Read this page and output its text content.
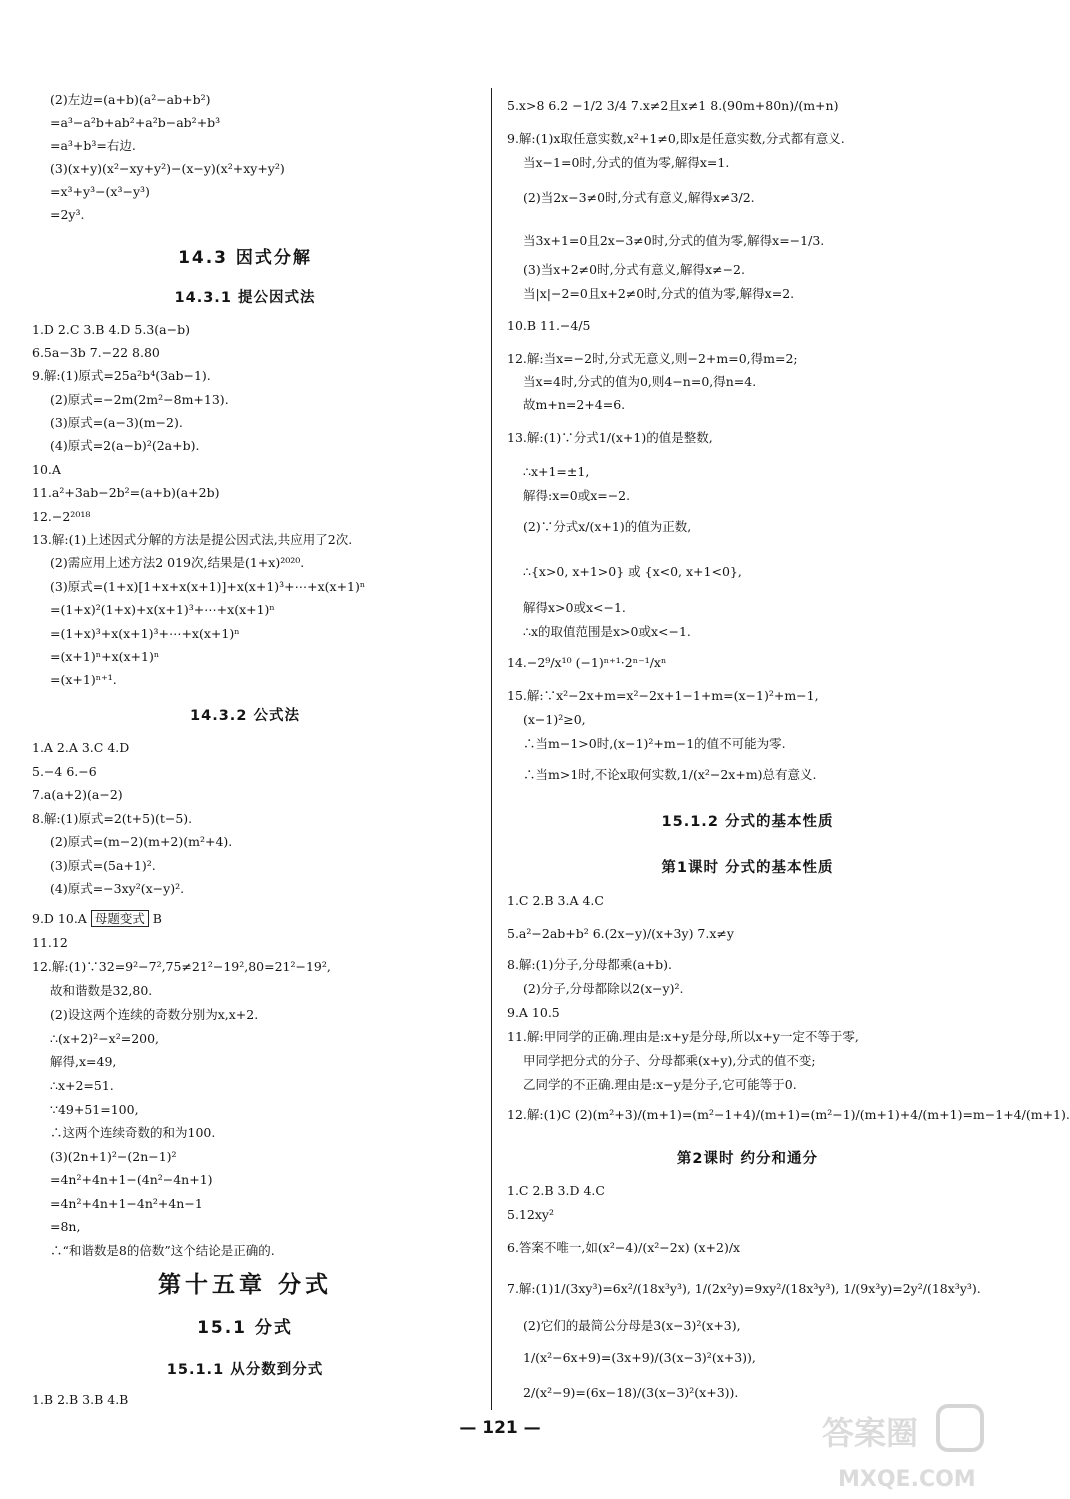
14.3 因式分解
14.3.1 提公因式法
14.3.2 公式法
第十五章 分式
15.1 分式
15.1.1 从分数到分式
(2)左边=(a+b)(a²−ab+b²)
=a³−a²b+ab²+a²b−ab²+b³
=a³+b³=右边.
(3)(x+y)(x²−xy+y²)−(x−y)(x²+xy+y²)
=x³+y³−(x³−y³)
=2y³.
1.D 2.C 3.B 4.D 5.3(a−b)
6.5a−3b 7.−22 8.80
9.解:(1)原式=25a²b⁴(3ab−1).
(2)原式=−2m(2m²−8m+13).
(3)原式=(a−3)(m−2).
(4)原式=2(a−b)²(2a+b).
10.A
11.a²+3ab−2b²=(a+b)(a+2b)
12.−2²⁰¹⁸
13.解:(1)上述因式分解的方法是提公因式法,共应用了2次.
(2)需应用上述方法2 019次,结果是(1+x)²⁰²⁰.
(3)原式=(1+x)[1+x+x(x+1)]+x(x+1)³+⋯+x(x+1)ⁿ
=(1+x)²(1+x)+x(x+1)³+⋯+x(x+1)ⁿ
=(1+x)³+x(x+1)³+⋯+x(x+1)ⁿ
=(x+1)ⁿ+x(x+1)ⁿ
=(x+1)ⁿ⁺¹.
1.A 2.A 3.C 4.D
5.−4 6.−6
7.a(a+2)(a−2)
8.解:(1)原式=2(t+5)(t−5).
(2)原式=(m−2)(m+2)(m²+4).
(3)原式=(5a+1)².
(4)原式=−3xy²(x−y)².
11.12
12.解:(1)∵32=9²−7²,75≠21²−19²,80=21²−19²,
故和谐数是32,80.
(2)设这两个连续的奇数分别为x,x+2.
∴(x+2)²−x²=200,
解得,x=49,
∴x+2=51.
∵49+51=100,
∴这两个连续奇数的和为100.
(3)(2n+1)²−(2n−1)²
=4n²+4n+1−(4n²−4n+1)
=4n²+4n+1−4n²+4n−1
=8n,
∴“和谐数是8的倍数”这个结论是正确的.
1.B 2.B 3.B 4.B
9.D 10.A 母题变式 B
15.1.2 分式的基本性质
第1课时 分式的基本性质
第2课时 约分和通分
5.x>8 6.2 −1/2 3/4 7.x≠2且x≠1 8.(90m+80n)/(m+n)
9.解:(1)x取任意实数,x²+1≠0,即x是任意实数,分式都有意义.
当x−1=0时,分式的值为零,解得x=1.
(2)当2x−3≠0时,分式有意义,解得x≠3/2.
当3x+1=0且2x−3≠0时,分式的值为零,解得x=−1/3.
(3)当x+2≠0时,分式有意义,解得x≠−2.
当|x|−2=0且x+2≠0时,分式的值为零,解得x=2.
10.B 11.−4/5
12.解:当x=−2时,分式无意义,则−2+m=0,得m=2;
当x=4时,分式的值为0,则4−n=0,得n=4.
故m+n=2+4=6.
13.解:(1)∵分式1/(x+1)的值是整数,
∴x+1=±1,
解得:x=0或x=−2.
(2)∵分式x/(x+1)的值为正数,
∴{x>0, x+1>0} 或 {x<0, x+1<0},
解得x>0或x<−1.
∴x的取值范围是x>0或x<−1.
14.−2⁹/x¹⁰ (−1)ⁿ⁺¹·2ⁿ⁻¹/xⁿ
15.解:∵x²−2x+m=x²−2x+1−1+m=(x−1)²+m−1,
(x−1)²≥0,
∴当m−1>0时,(x−1)²+m−1的值不可能为零.
∴当m>1时,不论x取何实数,1/(x²−2x+m)总有意义.
1.C 2.B 3.A 4.C
5.a²−2ab+b² 6.(2x−y)/(x+3y) 7.x≠y
8.解:(1)分子,分母都乘(a+b).
(2)分子,分母都除以2(x−y)².
9.A 10.5
11.解:甲同学的正确.理由是:x+y是分母,所以x+y一定不等于零,
甲同学把分式的分子、分母都乘(x+y),分式的值不变;
乙同学的不正确.理由是:x−y是分子,它可能等于0.
12.解:(1)C (2)(m²+3)/(m+1)=(m²−1+4)/(m+1)=(m²−1)/(m+1)+4/(m+1)=m−1+4/(m+1).
1.C 2.B 3.D 4.C
5.12xy²
6.答案不唯一,如(x²−4)/(x²−2x) (x+2)/x
7.解:(1)1/(3xy³)=6x²/(18x³y³), 1/(2x²y)=9xy²/(18x³y³), 1/(9x³y)=2y²/(18x³y³).
(2)它们的最简公分母是3(x−3)²(x+3),
1/(x²−6x+9)=(3x+9)/(3(x−3)²(x+3)),
2/(x²−9)=(6x−18)/(3(x−3)²(x+3)).
— 121 —	答案圈
MXQE.COM
